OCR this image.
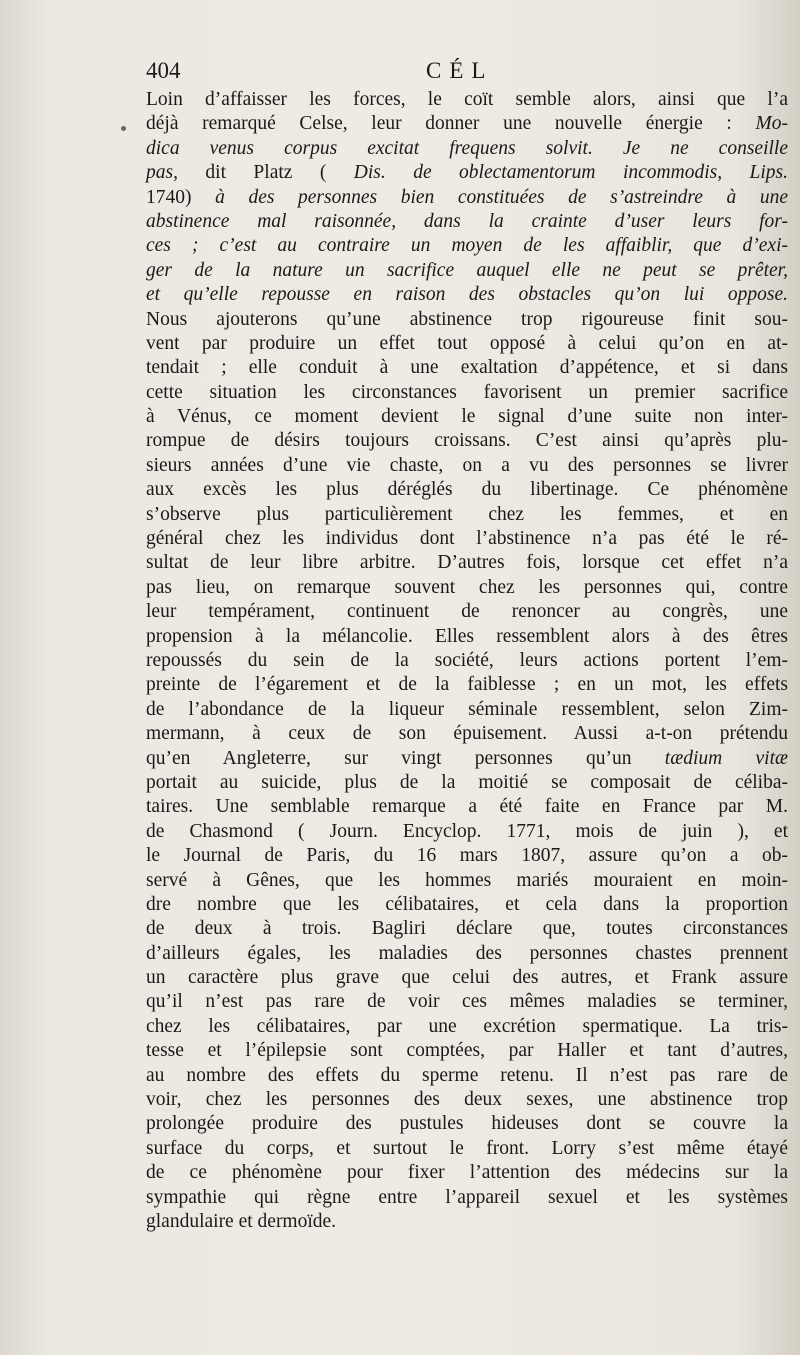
404	CÉL
Loin d’affaisser les forces, le coït semble alors, ainsi que l’a
déjà remarqué Celse, leur donner une nouvelle énergie : Mo-
dica venus corpus excitat frequens solvit. Je ne conseille
pas, dit Platz ( Dis. de oblectamentorum incommodis, Lips.
1740) à des personnes bien constituées de s’astreindre à une
abstinence mal raisonnée, dans la crainte d’user leurs for-
ces ; c’est au contraire un moyen de les affaiblir, que d’exi-
ger de la nature un sacrifice auquel elle ne peut se prêter,
et qu’elle repousse en raison des obstacles qu’on lui oppose.
Nous ajouterons qu’une abstinence trop rigoureuse finit sou-
vent par produire un effet tout opposé à celui qu’on en at-
tendait ; elle conduit à une exaltation d’appétence, et si dans
cette situation les circonstances favorisent un premier sacrifice
à Vénus, ce moment devient le signal d’une suite non inter-
rompue de désirs toujours croissans. C’est ainsi qu’après plu-
sieurs années d’une vie chaste, on a vu des personnes se livrer
aux excès les plus déréglés du libertinage. Ce phénomène
s’observe plus particulièrement chez les femmes, et en
général chez les individus dont l’abstinence n’a pas été le ré-
sultat de leur libre arbitre. D’autres fois, lorsque cet effet n’a
pas lieu, on remarque souvent chez les personnes qui, contre
leur tempérament, continuent de renoncer au congrès, une
propension à la mélancolie. Elles ressemblent alors à des êtres
repoussés du sein de la société, leurs actions portent l’em-
preinte de l’égarement et de la faiblesse ; en un mot, les effets
de l’abondance de la liqueur séminale ressemblent, selon Zim-
mermann, à ceux de son épuisement. Aussi a-t-on prétendu
qu’en Angleterre, sur vingt personnes qu’un tædium vitæ
portait au suicide, plus de la moitié se composait de céliba-
taires. Une semblable remarque a été faite en France par M.
de Chasmond ( Journ. Encyclop. 1771, mois de juin ), et
le Journal de Paris, du 16 mars 1807, assure qu’on a ob-
servé à Gênes, que les hommes mariés mouraient en moin-
dre nombre que les célibataires, et cela dans la proportion
de deux à trois. Bagliri déclare que, toutes circonstances
d’ailleurs égales, les maladies des personnes chastes prennent
un caractère plus grave que celui des autres, et Frank assure
qu’il n’est pas rare de voir ces mêmes maladies se terminer,
chez les célibataires, par une excrétion spermatique. La tris-
tesse et l’épilepsie sont comptées, par Haller et tant d’autres,
au nombre des effets du sperme retenu. Il n’est pas rare de
voir, chez les personnes des deux sexes, une abstinence trop
prolongée produire des pustules hideuses dont se couvre la
surface du corps, et surtout le front. Lorry s’est même étayé
de ce phénomène pour fixer l’attention des médecins sur la
sympathie qui règne entre l’appareil sexuel et les systèmes
glandulaire et dermoïde.
